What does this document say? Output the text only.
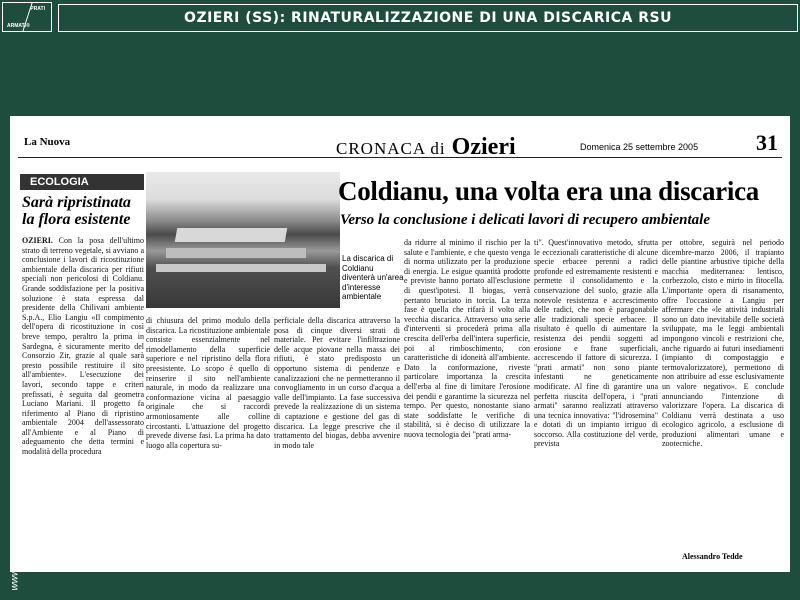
PRATI
ARMATI®	OZIERI (SS): RINATURALIZZAZIONE DI UNA DISCARICA RSU
La Nuova	CRONACA di Ozieri	Domenica 25 settembre 2005	31
ECOLOGIA
Sarà ripristinata la flora esistente
OZIERI. Con la posa dell'ultimo strato di terreno vegetale, si avviano a conclusione i lavori di ricostituzione ambientale della discarica per rifiuti speciali non pericolosi di Coldianu. Grande soddisfazione per la positiva soluzione è stata espressa dal presidente della Chilivani ambiente S.p.A., Elio Langiu «Il compimento dell'opera di ricostituzione in così breve tempo, peraltro la prima in Sardegna, è sicuramente merito del Consorzio Zir, grazie al quale sarà presto possibile restituire il sito all'ambiente». L'esecuzione dei lavori, secondo tappe e criteri prefissati, è seguita dal geometra Luciano Mariani. Il progetto fa riferimento al Piano di ripristino ambientale 2004 dell'assessorato all'Ambiente e al Piano di adeguamento che detta termini e modalità della procedura
La discarica di Coldianu diventerà un'area d'interesse ambientale
Coldianu, una volta era una discarica
Verso la conclusione i delicati lavori di recupero ambientale
di chiusura del primo modulo della discarica. La ricostituzione ambientale consiste essenzialmente nel rimodellamento della superficie superiore e nel ripristino della flora preesistente. Lo scopo è quello di reinserire il sito nell'ambiente naturale, in modo da realizzare una conformazione vicina al paesaggio originale che si raccordi armoniosamente alle colline circostanti. L'attuazione del progetto prevede diverse fasi. La prima ha dato luogo alla copertura su-
perficiale della discarica attraverso la posa di cinque diversi strati di materiale. Per evitare l'infiltrazione delle acque piovane nella massa dei rifiuti, è stato predisposto un opportuno sistema di pendenze e canalizzazioni che ne permetteranno il convogliamento in un corso d'acqua a valle dell'impianto. La fase successiva prevede la realizzazione di un sistema di captazione e gestione del gas di discarica. La legge prescrive che il trattamento del biogas, debba avvenire in modo tale
da ridurre al minimo il rischio per la salute e l'ambiente, e che questo venga di norma utilizzato per la produzione di energia. Le esigue quantità prodotte e previste hanno portato all'esclusione di quest'ipotesi. Il biogas, verrà pertanto bruciato in torcia. La terza fase è quella che rifarà il volto alla vecchia discarica. Attraverso una serie d'interventi si procederà prima alla crescita dell'erba dell'intera superficie, poi al rimboschimento, con caratteristiche di idoneità all'ambiente. Dato la conformazione, riveste particolare importanza la crescita dell'erba al fine di limitare l'erosione dei pendii e garantirne la sicurezza nel tempo. Per questo, nonostante siano state soddisfatte le verifiche di stabilità, si è deciso di utilizzare la nuova tecnologia dei "prati arma-
ti". Quest'innovativo metodo, sfrutta le eccezionali caratteristiche di alcune specie erbacee perenni a radici profonde ed estremamente resistenti e permette il consolidamento e la conservazione del suolo, grazie alla notevole resistenza e accrescimento delle radici, che non è paragonabile alle tradizionali specie erbacee. Il risultato è quello di aumentare la resistenza dei pendii soggetti ad erosione e frane superficiali, accrescendo il fattore di sicurezza. I "prati armati" non sono piante infestanti ne geneticamente modificate. Al fine di garantire una perfetta riuscita dell'opera, i "prati armati" saranno realizzati attraverso una tecnica innovativa: "l'idrosemina" e dotati di un impianto irriguo di soccorso. Alla costituzione del verde, prevista
per ottobre, seguirà nel periodo dicembre-marzo 2006, il trapianto delle piantine arbustive tipiche della macchia mediterranea: lentisco, corbezzolo, cisto e mirto in fitocella. L'importante opera di risanamento, offre l'occasione a Langiu per affermare che «le attività industriali sono un dato inevitabile delle società sviluppate, ma le leggi ambientali impongono vincoli e restrizioni che, anche riguardo ai futuri insediamenti (impianto di compostaggio e termovalorizzatore), permettono di non attribuire ad esse esclusivamente un valore negativo». E conclude annunciando l'intenzione di valorizzare l'opera. La discarica di Coldianu verrà destinata a uso ecologico agricolo, a esclusione di produzioni alimentari umane e zootecniche.
Alessandro Tedde
